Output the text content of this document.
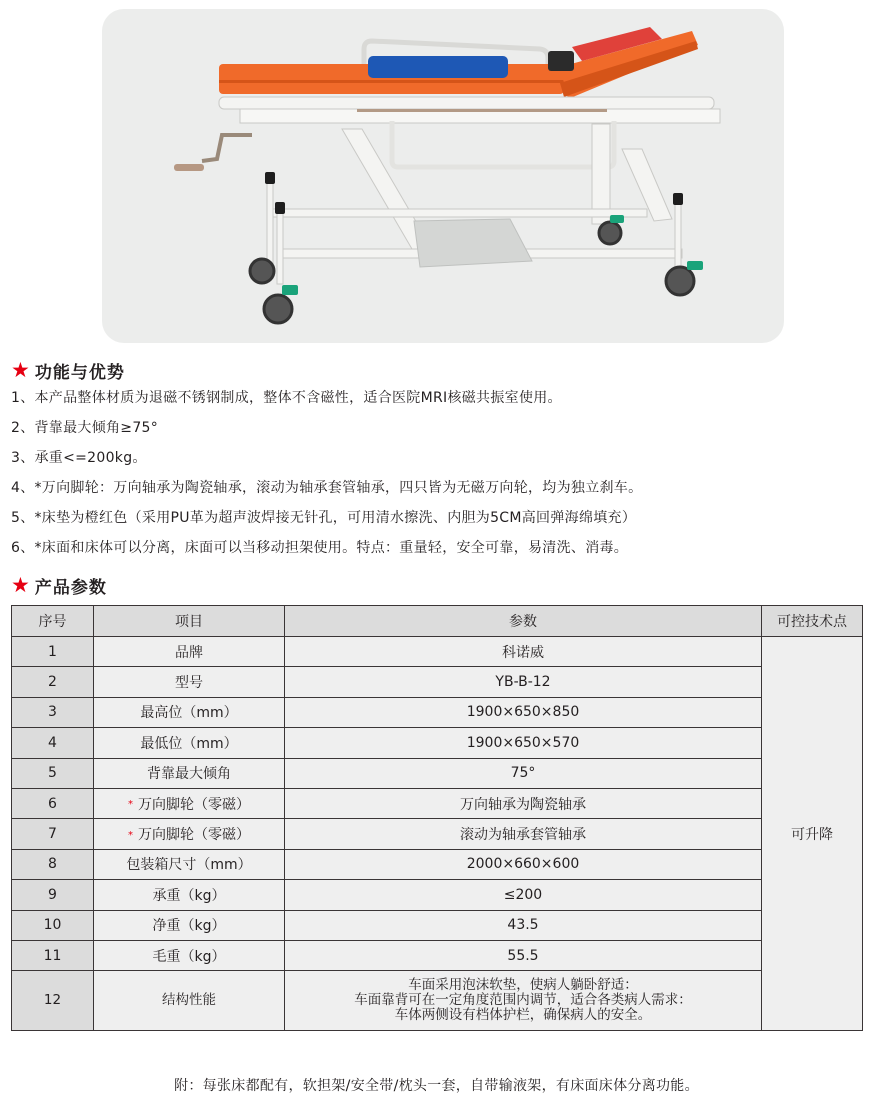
★ 功能与优势
1、本产品整体材质为退磁不锈钢制成，整体不含磁性，适合医院MRI核磁共振室使用。
2、背靠最大倾角≥75°
3、承重<=200kg。
4、*万向脚轮：万向轴承为陶瓷轴承，滚动为轴承套管轴承，四只皆为无磁万向轮，均为独立刹车。
5、*床垫为橙红色（采用PU革为超声波焊接无针孔，可用清水擦洗、内胆为5CM高回弹海绵填充）
6、*床面和床体可以分离，床面可以当移动担架使用。特点：重量轻，安全可靠，易清洗、消毒。
★ 产品参数
序号	项目	参数	可控技术点
1	品牌	科诺威	可升降
2	型号	YB-B-12	
3	最高位（mm）	1900×650×850	
4	最低位（mm）	1900×650×570	
5	背靠最大倾角	75°	
6	* 万向脚轮（零磁）	万向轴承为陶瓷轴承	
7	* 万向脚轮（零磁）	滚动为轴承套管轴承	
8	包装箱尺寸（mm）	2000×660×600	
9	承重（kg）	≤200	
10	净重（kg）	43.5	
11	毛重（kg）	55.5	
12	结构性能	车面采用泡沫软垫，使病人躺卧舒适：
车面靠背可在一定角度范围内调节，适合各类病人需求：
车体两侧设有档体护栏，确保病人的安全。	
附：每张床都配有，软担架/安全带/枕头一套，自带输液架，有床面床体分离功能。
